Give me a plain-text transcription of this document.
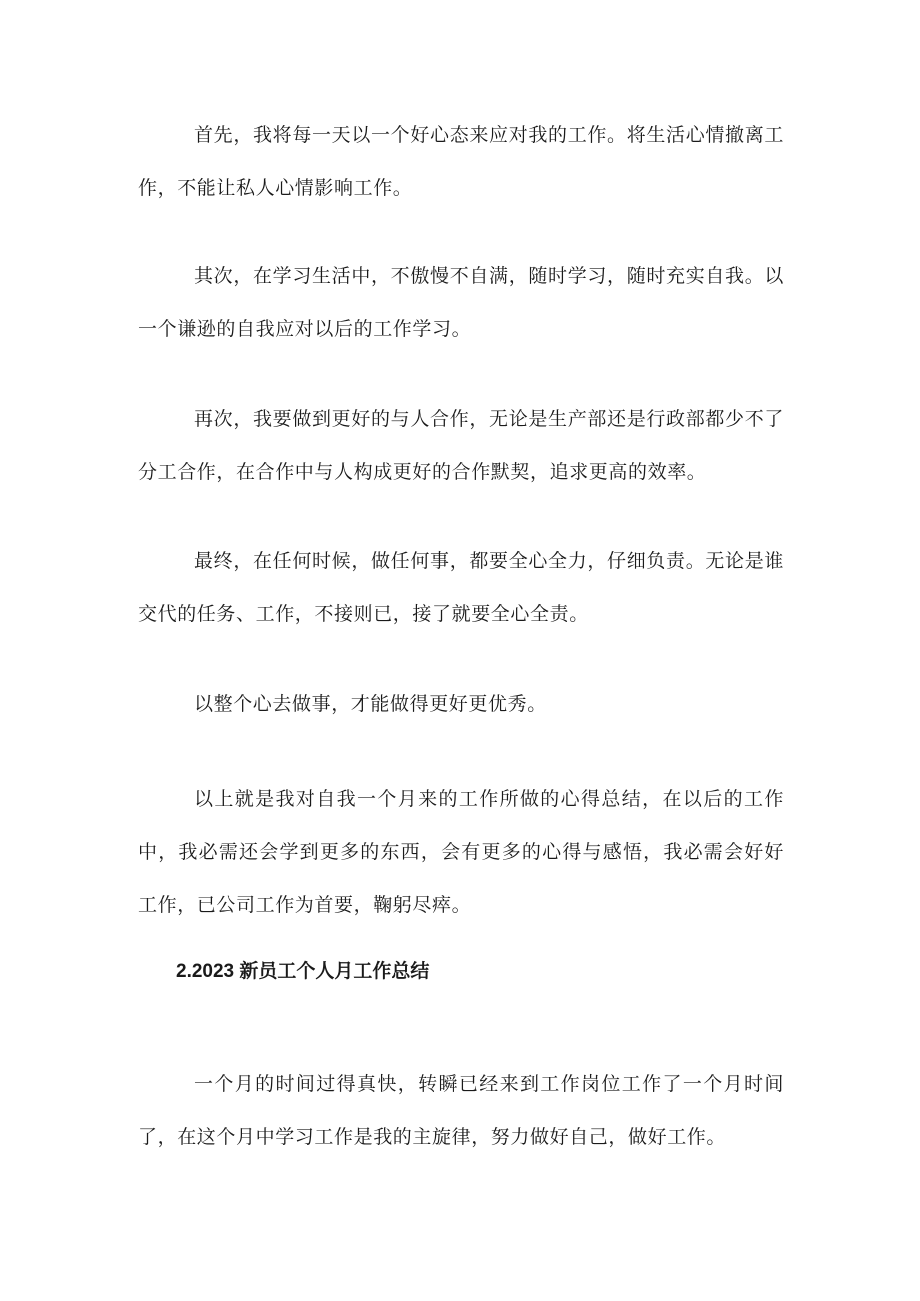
首先，我将每一天以一个好心态来应对我的工作。将生活心情撤离工作，不能让私人心情影响工作。

其次，在学习生活中，不傲慢不自满，随时学习，随时充实自我。以一个谦逊的自我应对以后的工作学习。

再次，我要做到更好的与人合作，无论是生产部还是行政部都少不了分工合作，在合作中与人构成更好的合作默契，追求更高的效率。

最终，在任何时候，做任何事，都要全心全力，仔细负责。无论是谁交代的任务、工作，不接则已，接了就要全心全责。

以整个心去做事，才能做得更好更优秀。

以上就是我对自我一个月来的工作所做的心得总结，在以后的工作中，我必需还会学到更多的东西，会有更多的心得与感悟，我必需会好好工作，已公司工作为首要，鞠躬尽瘁。

2.2023 新员工个人月工作总结

一个月的时间过得真快，转瞬已经来到工作岗位工作了一个月时间了，在这个月中学习工作是我的主旋律，努力做好自己，做好工作。
